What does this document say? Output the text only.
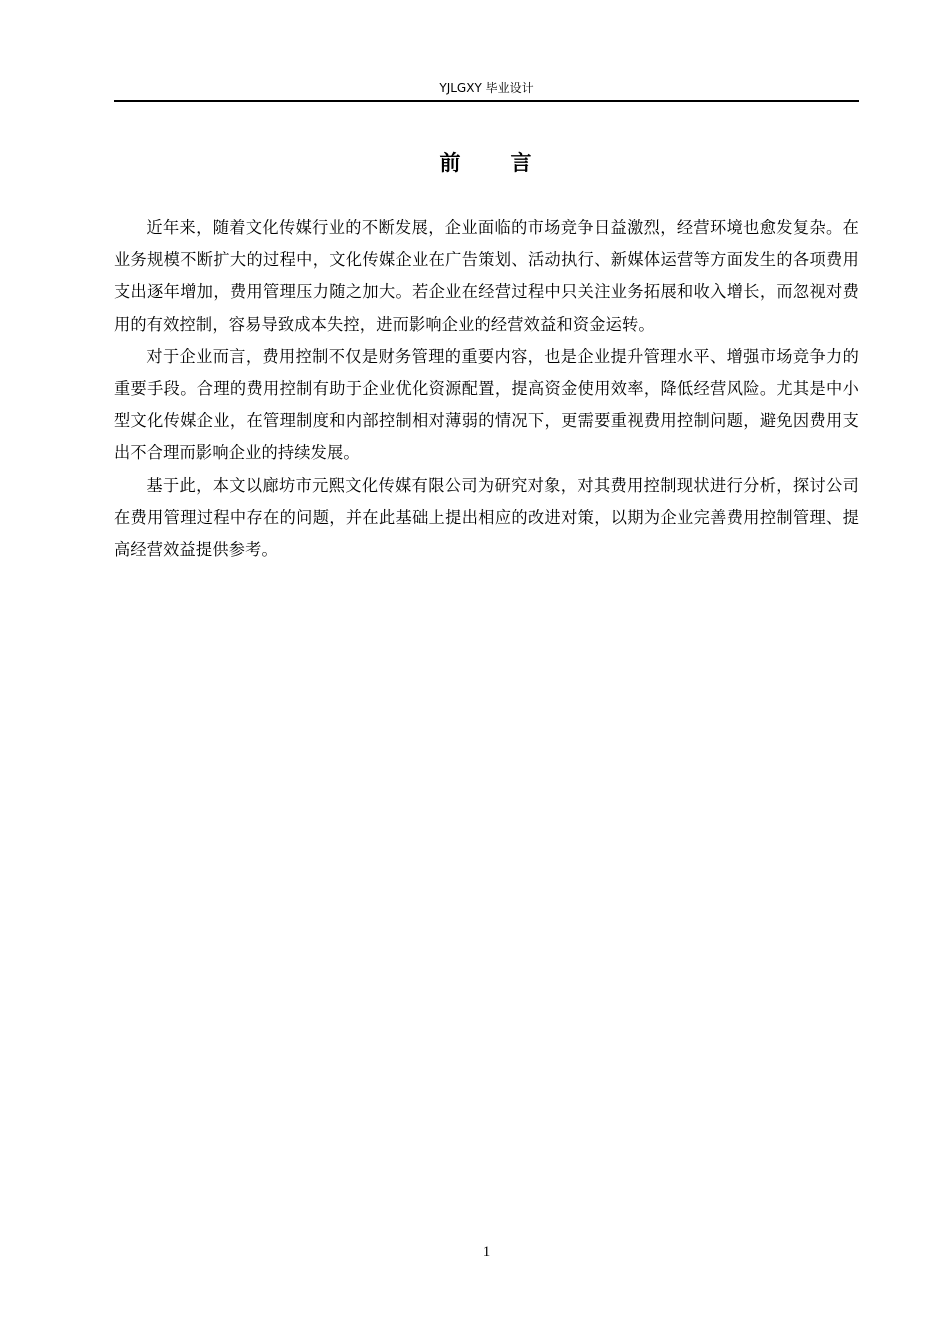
YJLGXY 毕业设计
前 言

近年来，随着文化传媒行业的不断发展，企业面临的市场竞争日益激烈，经营环境也愈发复杂。在业务规模不断扩大的过程中，文化传媒企业在广告策划、活动执行、新媒体运营等方面发生的各项费用支出逐年增加，费用管理压力随之加大。若企业在经营过程中只关注业务拓展和收入增长，而忽视对费用的有效控制，容易导致成本失控，进而影响企业的经营效益和资金运转。

对于企业而言，费用控制不仅是财务管理的重要内容，也是企业提升管理水平、增强市场竞争力的重要手段。合理的费用控制有助于企业优化资源配置，提高资金使用效率，降低经营风险。尤其是中小型文化传媒企业，在管理制度和内部控制相对薄弱的情况下，更需要重视费用控制问题，避免因费用支出不合理而影响企业的持续发展。

基于此，本文以廊坊市元熙文化传媒有限公司为研究对象，对其费用控制现状进行分析，探讨公司在费用管理过程中存在的问题，并在此基础上提出相应的改进对策，以期为企业完善费用控制管理、提高经营效益提供参考。

1
